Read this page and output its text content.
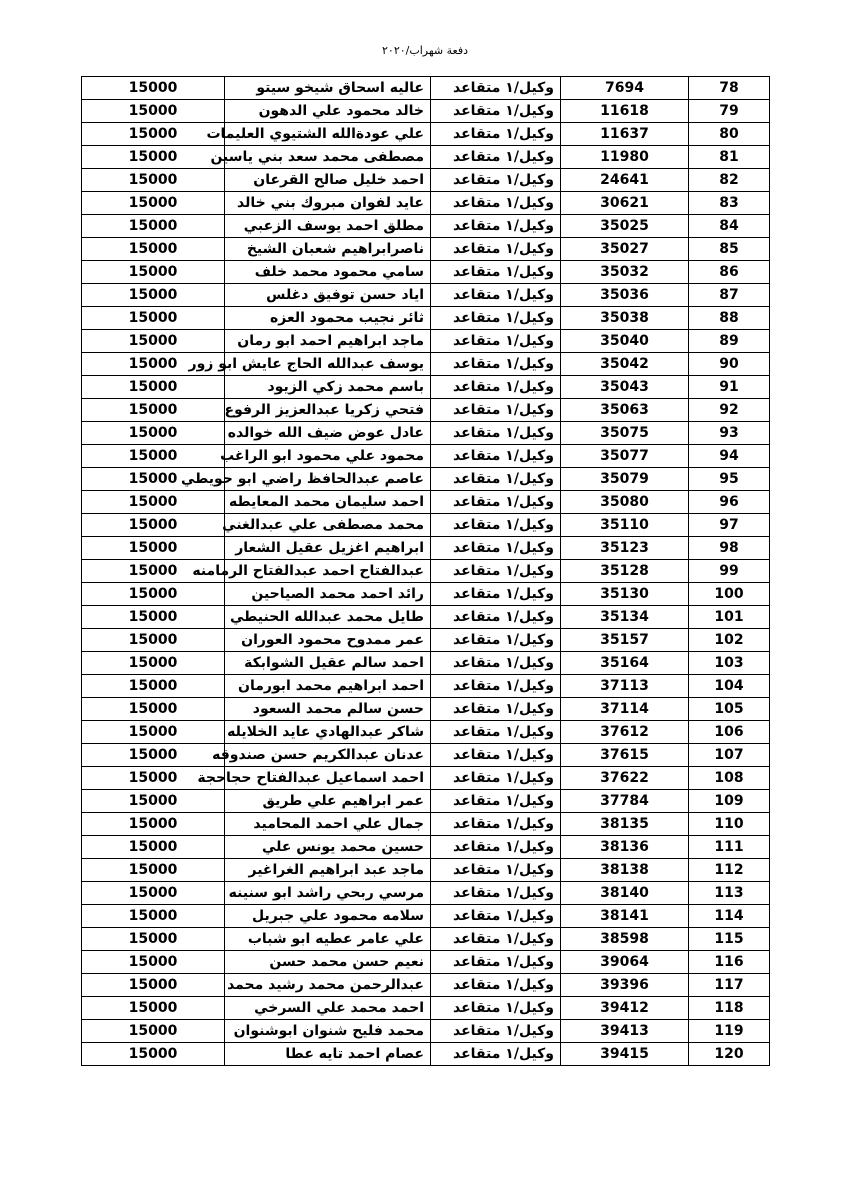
دفعة شهراب/٢٠٢٠
78	7694	وكيل/١ متقاعد	عاليه اسحاق شيخو سيتو	15000
79	11618	وكيل/١ متقاعد	خالد محمود علي الدهون	15000
80	11637	وكيل/١ متقاعد	علي عودةالله الشتيوي العليمات	15000
81	11980	وكيل/١ متقاعد	مصطفى محمد سعد بني ياسين	15000
82	24641	وكيل/١ متقاعد	احمد خليل صالح القرعان	15000
83	30621	وكيل/١ متقاعد	عايد لفوان مبروك بني خالد	15000
84	35025	وكيل/١ متقاعد	مطلق احمد يوسف الزعبي	15000
85	35027	وكيل/١ متقاعد	ناصرابراهيم شعبان الشيخ	15000
86	35032	وكيل/١ متقاعد	سامي محمود محمد خلف	15000
87	35036	وكيل/١ متقاعد	اياد حسن توفيق دغلس	15000
88	35038	وكيل/١ متقاعد	ثائر نجيب محمود العزه	15000
89	35040	وكيل/١ متقاعد	ماجد ابراهيم احمد ابو رمان	15000
90	35042	وكيل/١ متقاعد	يوسف عبدالله الحاج عايش ابو زور	15000
91	35043	وكيل/١ متقاعد	باسم محمد زكي الزيود	15000
92	35063	وكيل/١ متقاعد	فتحي زكريا عبدالعزيز الرفوع	15000
93	35075	وكيل/١ متقاعد	عادل عوض ضيف الله خوالده	15000
94	35077	وكيل/١ متقاعد	محمود علي محمود ابو الراغب	15000
95	35079	وكيل/١ متقاعد	عاصم عبدالحافظ راضي ابو حويطي	15000
96	35080	وكيل/١ متقاعد	احمد سليمان محمد المعايطه	15000
97	35110	وكيل/١ متقاعد	محمد مصطفى علي عبدالغني	15000
98	35123	وكيل/١ متقاعد	ابراهيم اغزيل عقيل الشعار	15000
99	35128	وكيل/١ متقاعد	عبدالفتاح احمد عبدالفتاح الرمامنه	15000
100	35130	وكيل/١ متقاعد	رائد احمد محمد الصياحين	15000
101	35134	وكيل/١ متقاعد	طايل محمد عبدالله الحنيطي	15000
102	35157	وكيل/١ متقاعد	عمر ممدوح محمود العوران	15000
103	35164	وكيل/١ متقاعد	احمد سالم عقيل الشوابكة	15000
104	37113	وكيل/١ متقاعد	احمد ابراهيم محمد ابورمان	15000
105	37114	وكيل/١ متقاعد	حسن سالم محمد السعود	15000
106	37612	وكيل/١ متقاعد	شاكر عبدالهادي عايد الخلايله	15000
107	37615	وكيل/١ متقاعد	عدنان عبدالكريم حسن صندوقه	15000
108	37622	وكيل/١ متقاعد	احمد اسماعيل عبدالفتاح حجاحجة	15000
109	37784	وكيل/١ متقاعد	عمر ابراهيم علي طريق	15000
110	38135	وكيل/١ متقاعد	جمال علي احمد المحاميد	15000
111	38136	وكيل/١ متقاعد	حسين محمد يونس علي	15000
112	38138	وكيل/١ متقاعد	ماجد عبد ابراهيم الغراغير	15000
113	38140	وكيل/١ متقاعد	مرسي ربحي راشد ابو سنينه	15000
114	38141	وكيل/١ متقاعد	سلامه محمود علي جبريل	15000
115	38598	وكيل/١ متقاعد	علي عامر عطيه ابو شباب	15000
116	39064	وكيل/١ متقاعد	نعيم حسن محمد حسن	15000
117	39396	وكيل/١ متقاعد	عبدالرحمن محمد رشيد محمد	15000
118	39412	وكيل/١ متقاعد	احمد محمد علي السرخي	15000
119	39413	وكيل/١ متقاعد	محمد فليح شنوان ابوشنوان	15000
120	39415	وكيل/١ متقاعد	عصام احمد تايه عطا	15000
